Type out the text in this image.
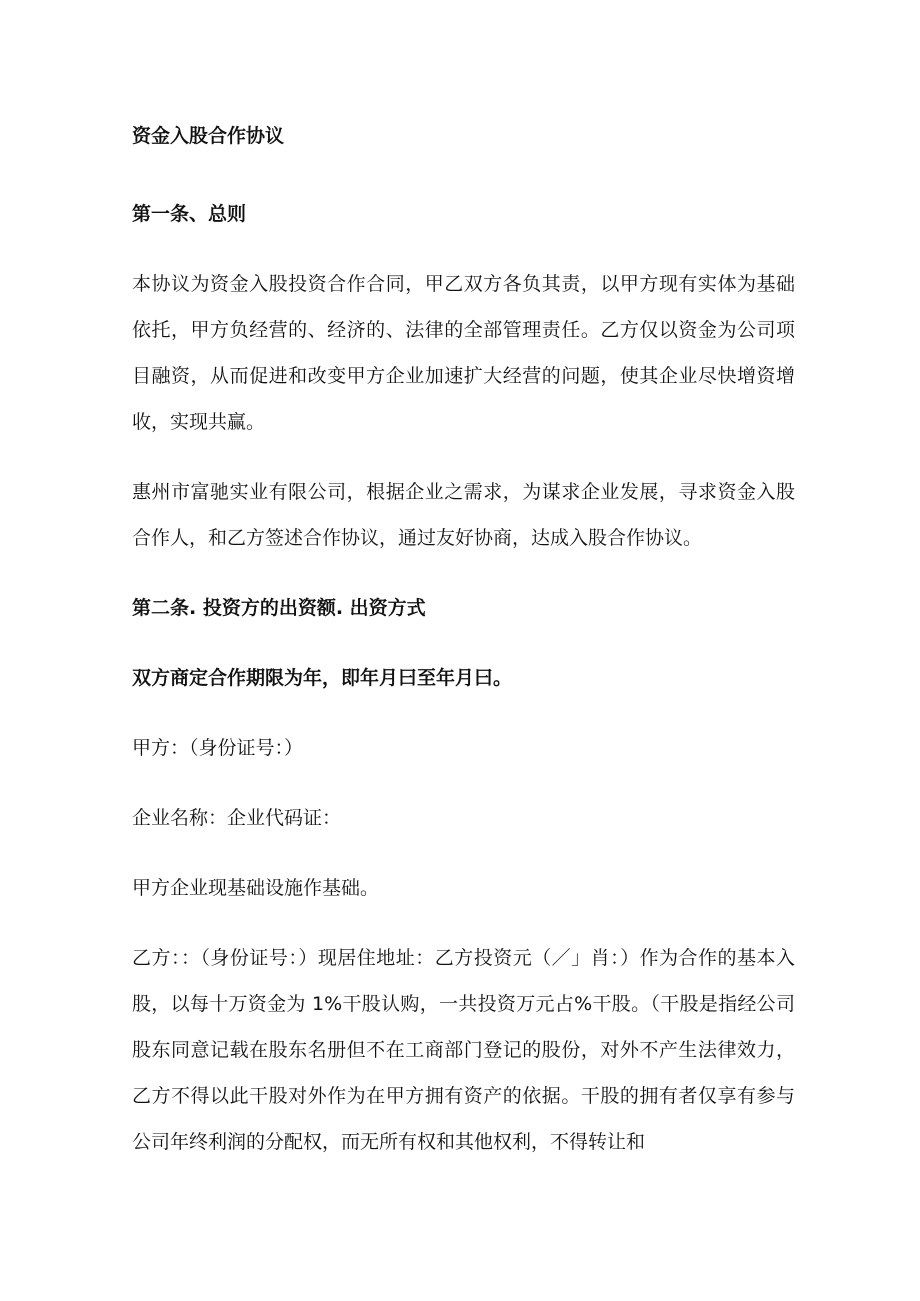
资金入股合作协议

第一条、总则

本协议为资金入股投资合作合同，甲乙双方各负其责，以甲方现有实体为基础依托，甲方负经营的、经济的、法律的全部管理责任。乙方仅以资金为公司项目融资，从而促进和改变甲方企业加速扩大经营的问题，使其企业尽快增资增收，实现共赢。

惠州市富驰实业有限公司，根据企业之需求，为谋求企业发展，寻求资金入股合作人，和乙方签述合作协议，通过友好协商，达成入股合作协议。

第二条. 投资方的出资额. 出资方式

双方商定合作期限为年，即年月曰至年月曰。

甲方：（身份证号：）

企业名称：企业代码证：

甲方企业现基础设施作基础。

乙方：：（身份证号：）现居住地址：乙方投资元（／」肖：）作为合作的基本入股，以每十万资金为 1%干股认购，一共投资万元占%干股。（干股是指经公司股东同意记载在股东名册但不在工商部门登记的股份，对外不产生法律效力，乙方不得以此干股对外作为在甲方拥有资产的依据。干股的拥有者仅享有参与公司年终利润的分配权，而无所有权和其他权利，不得转让和
